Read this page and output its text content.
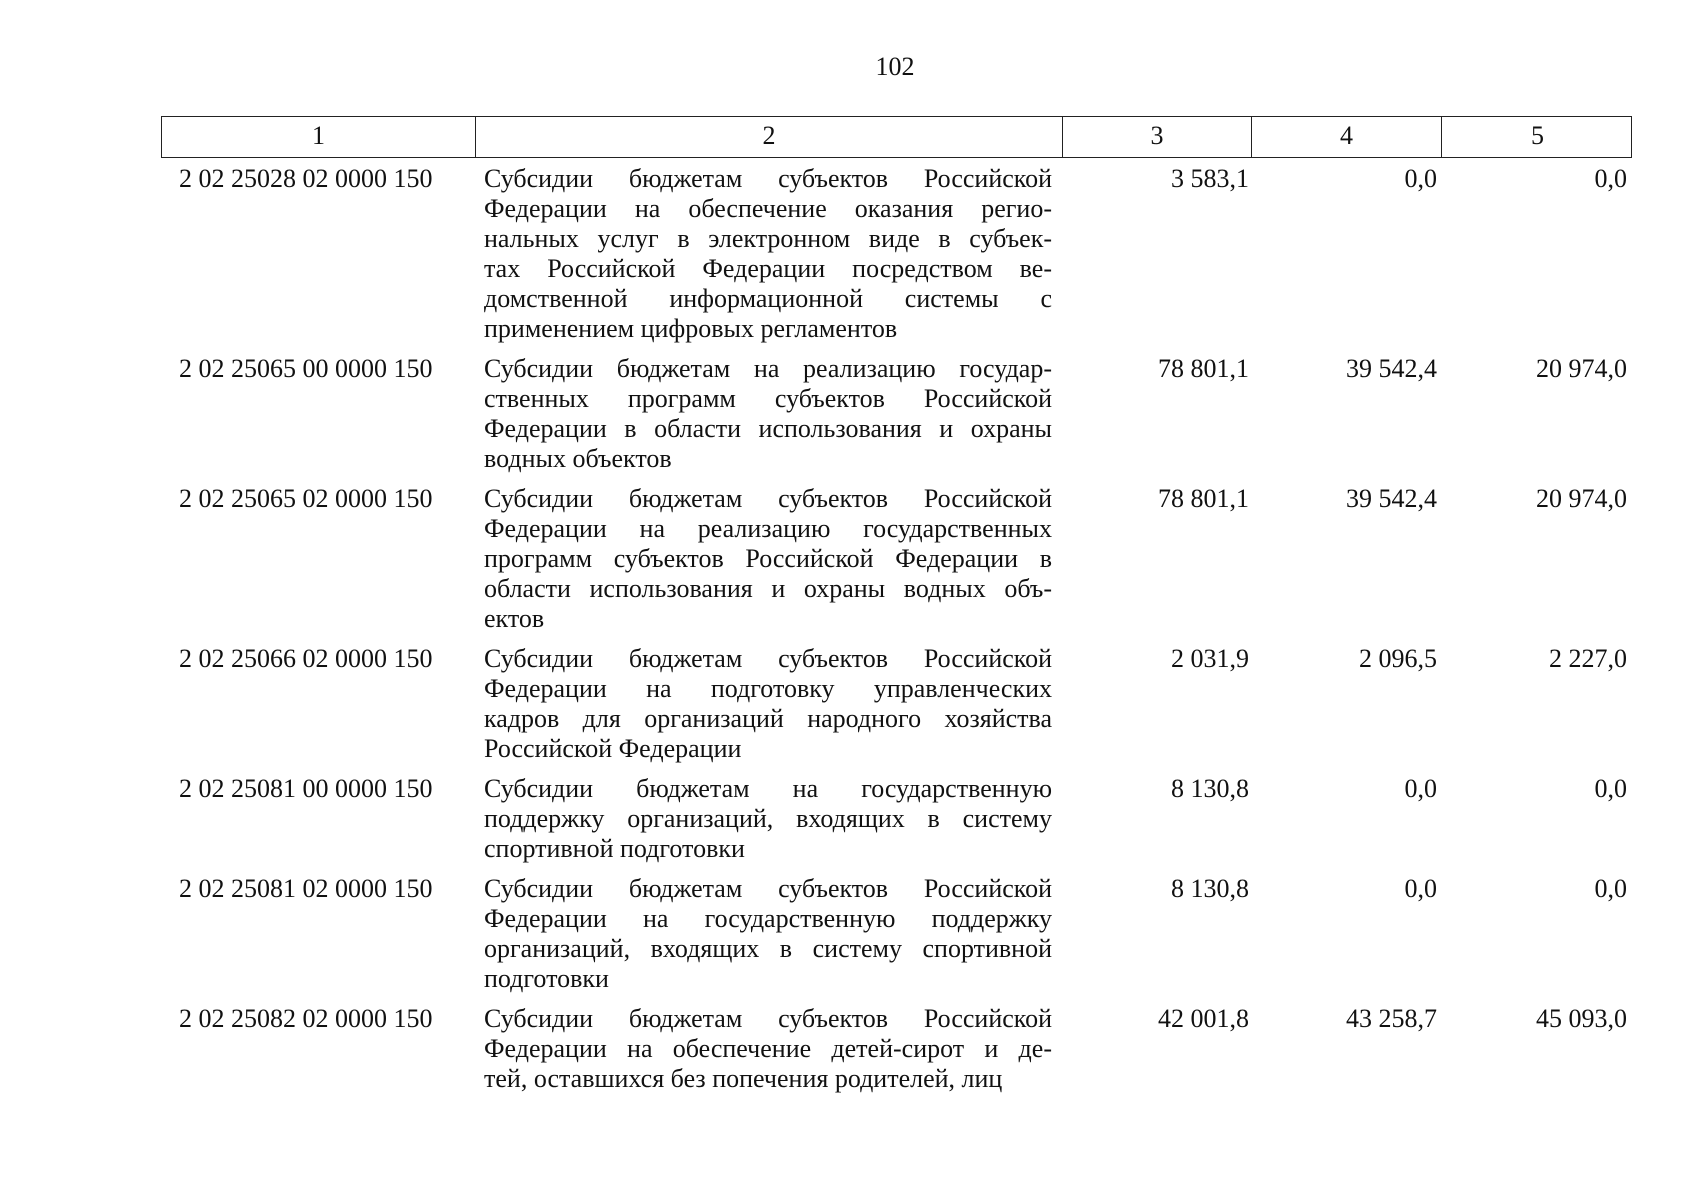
102
1	2	3	4	5
2 02 25028 02 0000 150 Субсидии бюджетам субъектов Российской
Федерации на обеспечение оказания регио-
нальных услуг в электронном виде в субъек-
тах Российской Федерации посредством ве-
домственной информационной системы с
применением цифровых регламентов
3 583,1	0,0	0,0
2 02 25065 00 0000 150 Субсидии бюджетам на реализацию государ-
ственных программ субъектов Российской
Федерации в области использования и охраны
водных объектов
78 801,1	39 542,4	20 974,0
2 02 25065 02 0000 150 Субсидии бюджетам субъектов Российской
Федерации на реализацию государственных
программ субъектов Российской Федерации в
области использования и охраны водных объ-
ектов
78 801,1	39 542,4	20 974,0
2 02 25066 02 0000 150 Субсидии бюджетам субъектов Российской
Федерации на подготовку управленческих
кадров для организаций народного хозяйства
Российской Федерации
2 031,9	2 096,5	2 227,0
2 02 25081 00 0000 150 Субсидии бюджетам на государственную
поддержку организаций, входящих в систему
спортивной подготовки
8 130,8	0,0	0,0
2 02 25081 02 0000 150 Субсидии бюджетам субъектов Российской
Федерации на государственную поддержку
организаций, входящих в систему спортивной
подготовки
8 130,8	0,0	0,0
2 02 25082 02 0000 150 Субсидии бюджетам субъектов Российской
Федерации на обеспечение детей-сирот и де-
тей, оставшихся без попечения родителей, лиц
42 001,8	43 258,7	45 093,0
